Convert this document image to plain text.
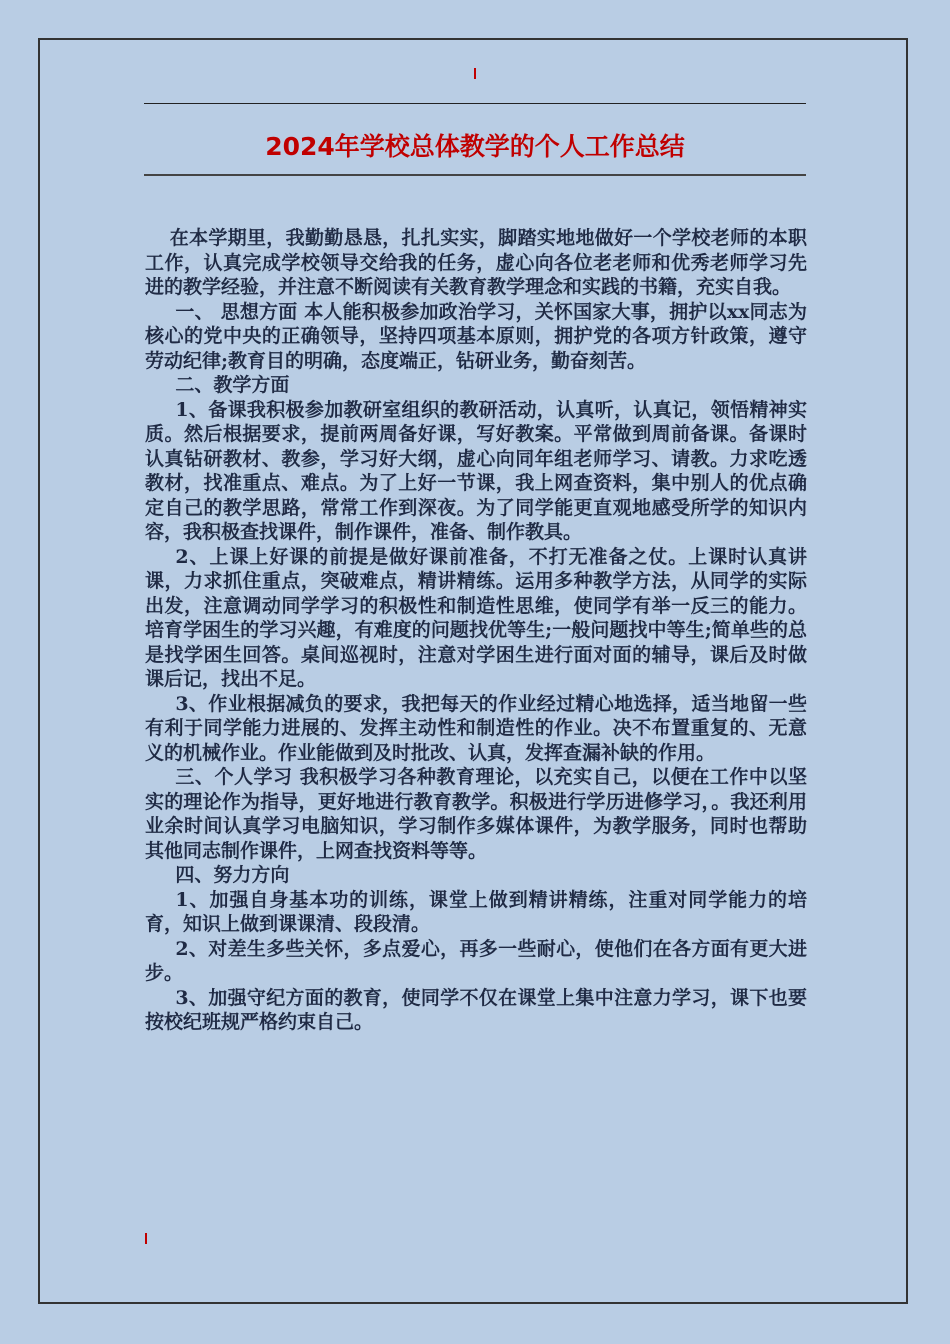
2024年学校总体教学的个人工作总结

在本学期里，我勤勤恳恳，扎扎实实，脚踏实地地做好一个学校老师的本职工作，认真完成学校领导交给我的任务，虚心向各位老老师和优秀老师学习先进的教学经验，并注意不断阅读有关教育教学理念和实践的书籍，充实自我。

一、 思想方面 本人能积极参加政治学习，关怀国家大事，拥护以xx同志为核心的党中央的正确领导，坚持四项基本原则，拥护党的各项方针政策，遵守劳动纪律;教育目的明确，态度端正，钻研业务，勤奋刻苦。

二、教学方面

1、备课我积极参加教研室组织的教研活动，认真听，认真记，领悟精神实质。然后根据要求，提前两周备好课，写好教案。平常做到周前备课。备课时认真钻研教材、教参，学习好大纲，虚心向同年组老师学习、请教。力求吃透教材，找准重点、难点。为了上好一节课，我上网查资料，集中别人的优点确定自己的教学思路，常常工作到深夜。为了同学能更直观地感受所学的知识内容，我积极查找课件，制作课件，准备、制作教具。

2、上课上好课的前提是做好课前准备，不打无准备之仗。上课时认真讲课，力求抓住重点，突破难点，精讲精练。运用多种教学方法，从同学的实际出发，注意调动同学学习的积极性和制造性思维，使同学有举一反三的能力。培育学困生的学习兴趣，有难度的问题找优等生;一般问题找中等生;简单些的总是找学困生回答。桌间巡视时，注意对学困生进行面对面的辅导，课后及时做课后记，找出不足。

3、作业根据减负的要求，我把每天的作业经过精心地选择，适当地留一些有利于同学能力进展的、发挥主动性和制造性的作业。决不布置重复的、无意义的机械作业。作业能做到及时批改、认真，发挥查漏补缺的作用。

三、个人学习 我积极学习各种教育理论，以充实自己，以便在工作中以坚实的理论作为指导，更好地进行教育教学。积极进行学历进修学习，。我还利用业余时间认真学习电脑知识，学习制作多媒体课件，为教学服务，同时也帮助其他同志制作课件，上网查找资料等等。

四、努力方向

1、加强自身基本功的训练，课堂上做到精讲精练，注重对同学能力的培育，知识上做到课课清、段段清。

2、对差生多些关怀，多点爱心，再多一些耐心，使他们在各方面有更大进步。

3、加强守纪方面的教育，使同学不仅在课堂上集中注意力学习，课下也要按校纪班规严格约束自己。
